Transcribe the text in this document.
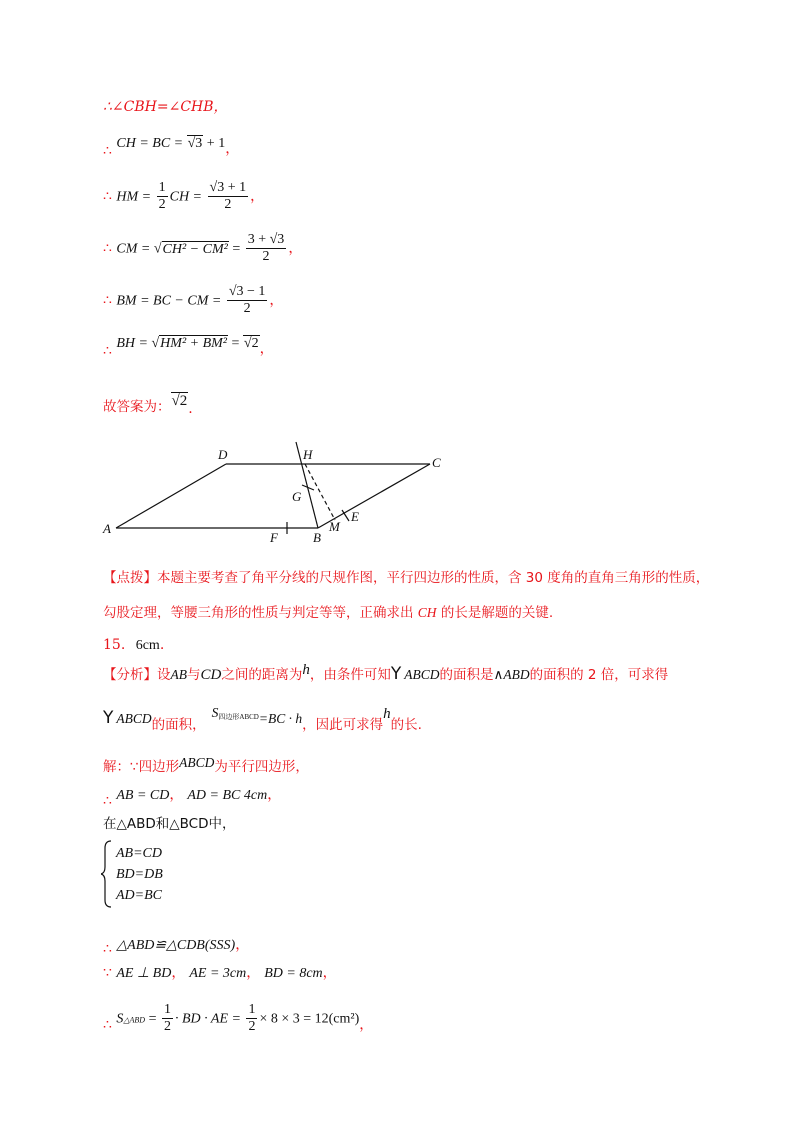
∴∠CBH=∠CHB，
∴ CH = BC = √3 + 1，
∴ HM = $\frac{1}{2}$ CH = $\frac{√3 + 1}{2}$ ，
∴ CM = $√CH^2 - CM^2 = \frac{3 + √3}{2}$ ，
∴ BM = BC − CM = $\frac{√3 - 1}{2}$ ，
∴ BH = √HM² + BM² = √2，
故答案为：√2.
D	H
C
A
B
F
G
M
E
【点拨】本题主要考查了角平分线的尺规作图，平行四边形的性质，含 30 度角的直角三角形的性质，
勾股定理，等腰三角形的性质与判定等等，正确求出 CH 的长是解题的关键.
15. 6cm.
【分析】设AB与CD之间的距离为h，由条件可知Y ABCD的面积是∧ABD的面积的 2 倍，可求得
Y ABCD的面积，$S^{四边形ABCD}=BC \cdot h$，因此可求得h的长.
解：∵四边形ABCD为平行四边形，
∴ AB = CD， AD = BC 4cm，
在△ABD和△BCD中，
AB=CD
BD=DB
AD=BC
∴ △ABD≌△CDB(SSS)，
∵ AE ⊥ BD， AE = 3cm， BD = 8cm，
∴ S△ABD = $\frac{1}{2}$ · BD · AE = $\frac{1}{2} \times 8 \times 3 = 12(cm^2)$，
